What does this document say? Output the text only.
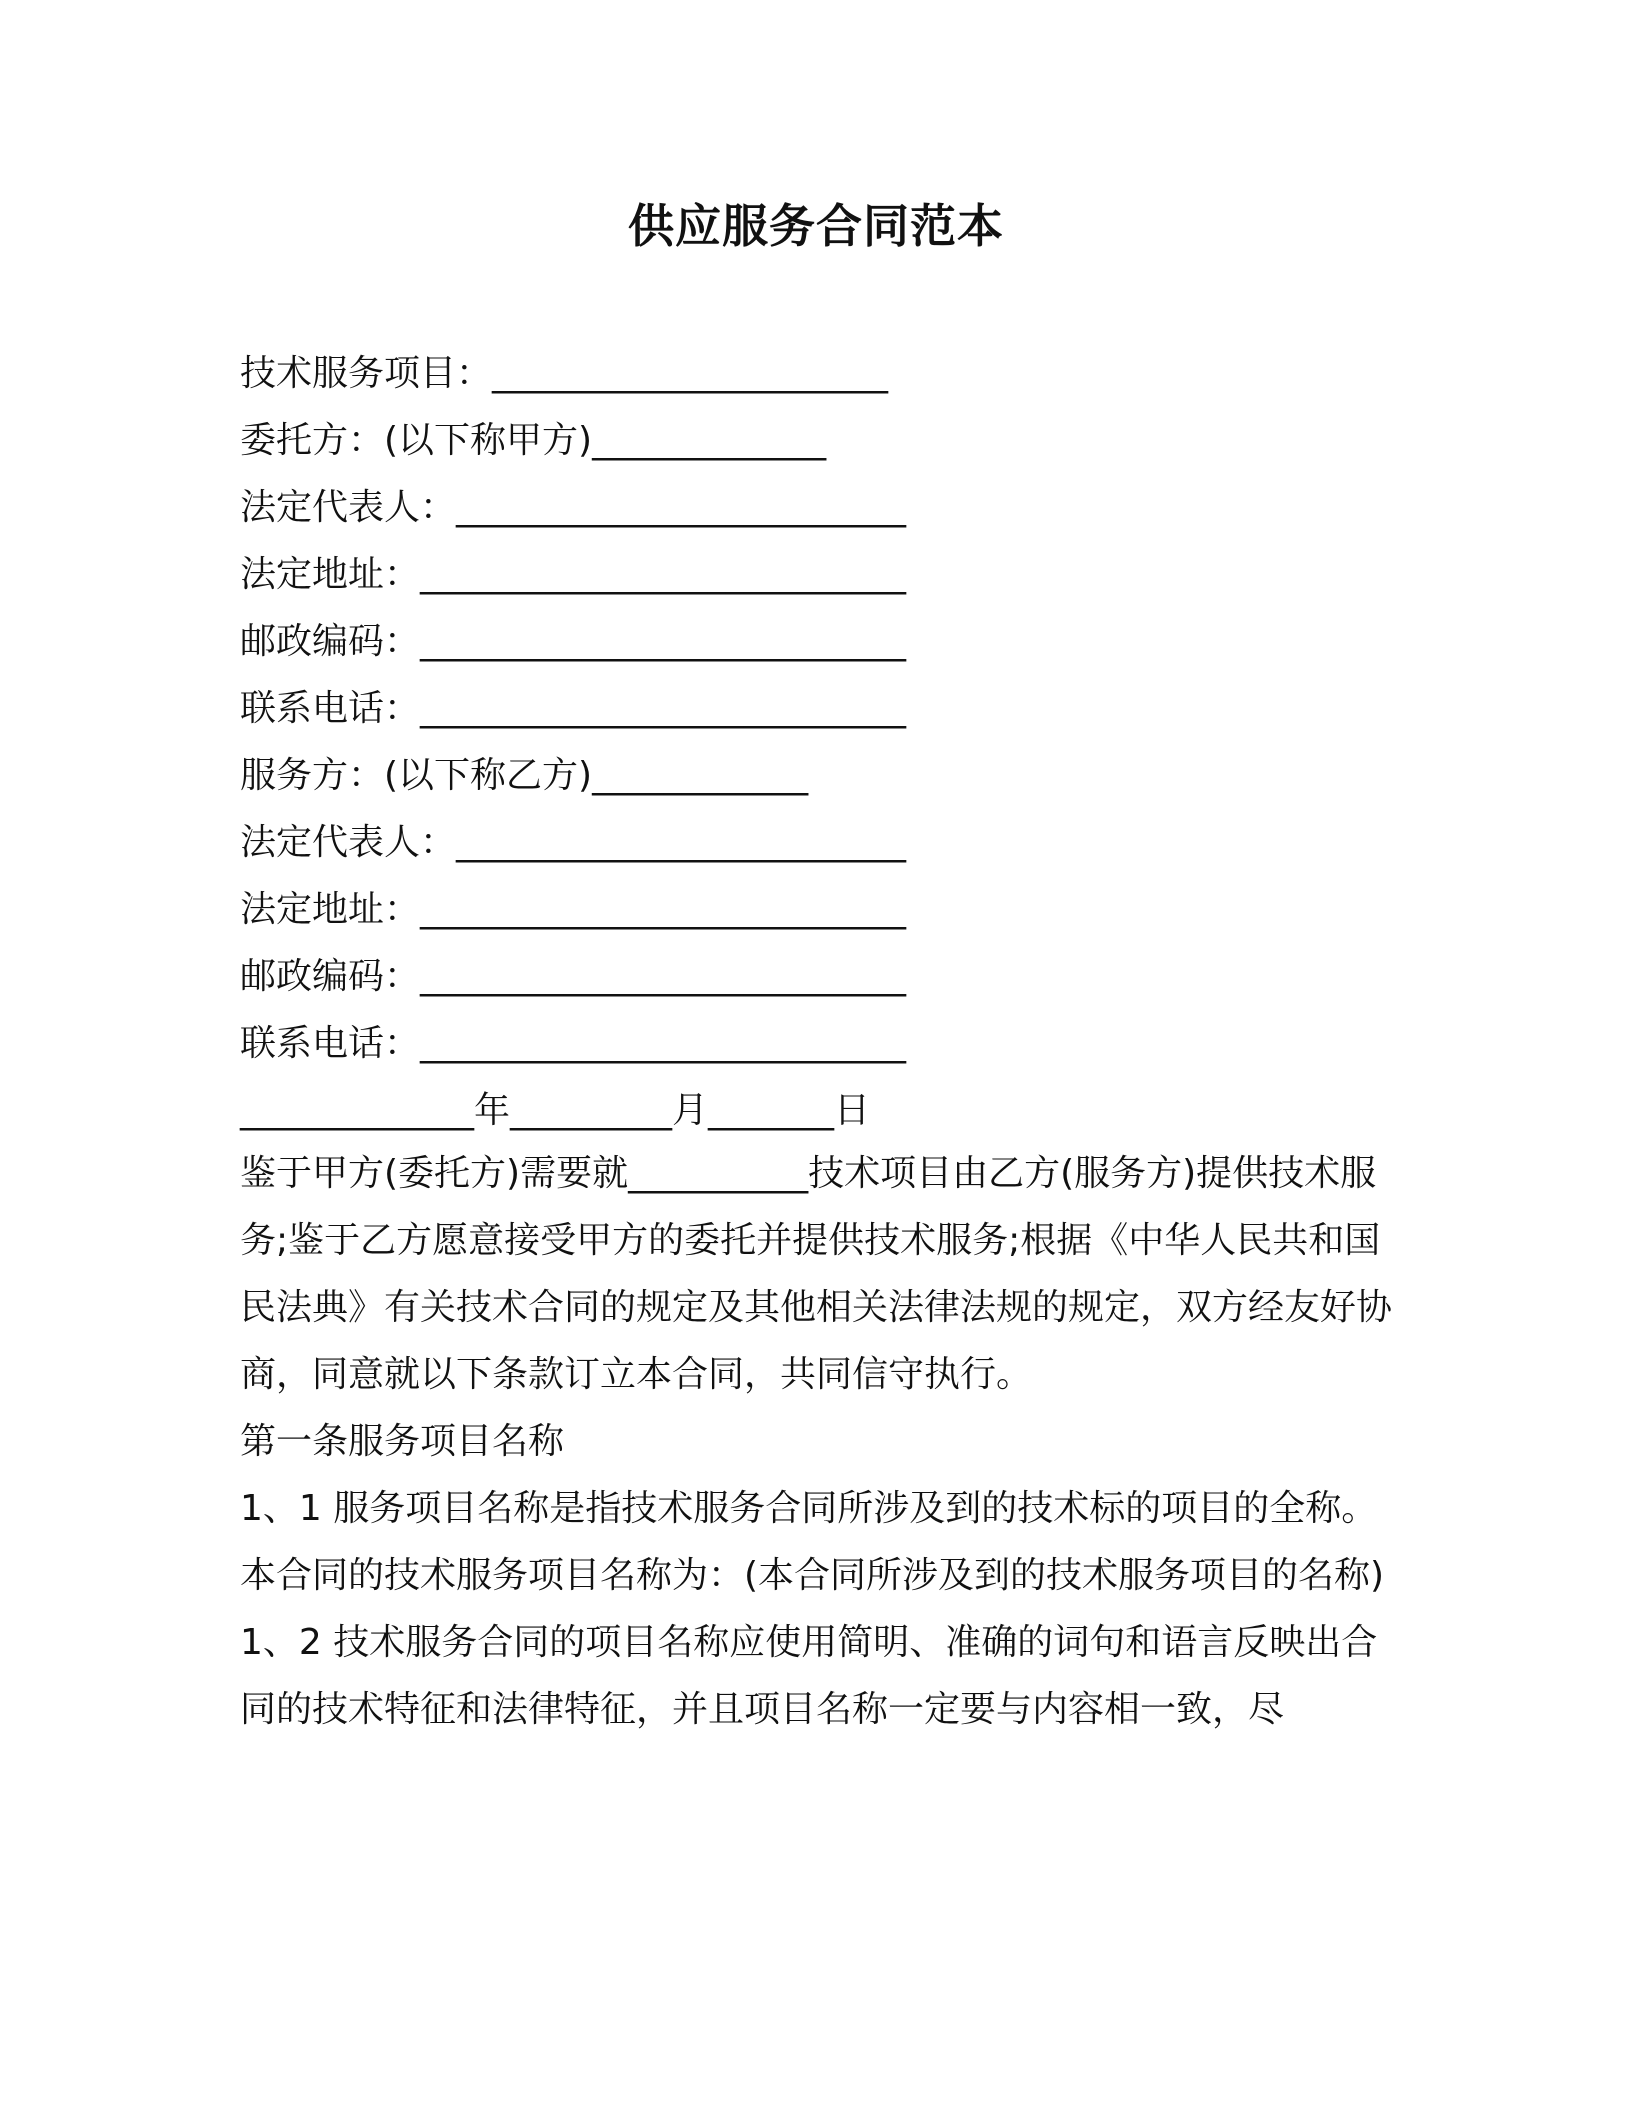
供应服务合同范本
技术服务项目：______________________
委托方：(以下称甲方)_____________
法定代表人：_________________________
法定地址：___________________________
邮政编码：___________________________
联系电话：___________________________
服务方：(以下称乙方)____________
法定代表人：_________________________
法定地址：___________________________
邮政编码：___________________________
联系电话：___________________________
_____________年_________月_______日

鉴于甲方(委托方)需要就__________技术项目由乙方(服务方)提供技术服务;鉴于乙方愿意接受甲方的委托并提供技术服务;根据《中华人民共和国民法典》有关技术合同的规定及其他相关法律法规的规定，双方经友好协商，同意就以下条款订立本合同，共同信守执行。

第一条服务项目名称

1、1 服务项目名称是指技术服务合同所涉及到的技术标的项目的全称。本合同的技术服务项目名称为：(本合同所涉及到的技术服务项目的名称)

1、2 技术服务合同的项目名称应使用简明、准确的词句和语言反映出合同的技术特征和法律特征，并且项目名称一定要与内容相一致，尽
